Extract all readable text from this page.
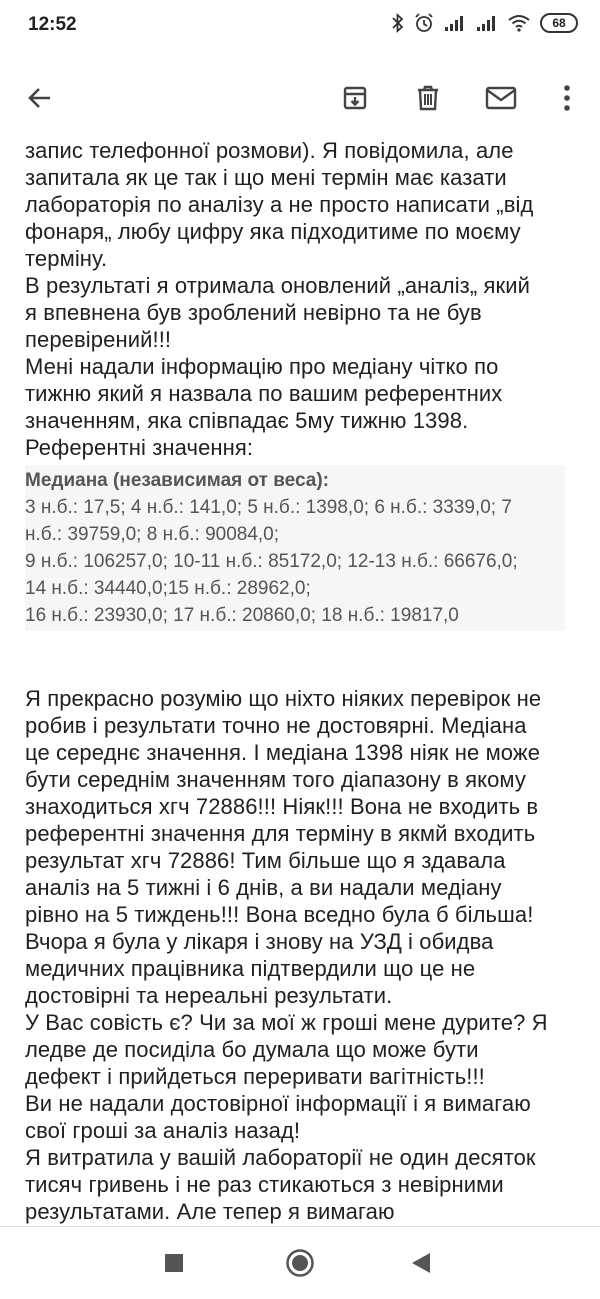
12:52	68
запис телефонної розмови). Я повідомила, але
запитала як це так і що мені термін має казати
лабораторія по аналізу а не просто написати „від
фонаря„ любу цифру яка підходитиме по моєму
терміну.
В результаті я отримала оновлений „аналіз„ який
я впевнена був зроблений невірно та не був
перевірений!!!
Мені надали інформацію про медіану чітко по
тижню який я назвала по вашим референтних
значенням, яка співпадає 5му тижню 1398.
Референтні значення:
Медиана (независимая от веса):
3 н.б.: 17,5; 4 н.б.: 141,0; 5 н.б.: 1398,0; 6 н.б.: 3339,0; 7
н.б.: 39759,0; 8 н.б.: 90084,0;
9 н.б.: 106257,0; 10-11 н.б.: 85172,0; 12-13 н.б.: 66676,0;
14 н.б.: 34440,0;15 н.б.: 28962,0;
16 н.б.: 23930,0; 17 н.б.: 20860,0; 18 н.б.: 19817,0
Я прекрасно розумію що ніхто ніяких перевірок не
робив і результати точно не достовярні. Медіана
це середнє значення. І медіана 1398 ніяк не може
бути середнім значенням того діапазону в якому
знаходиться хгч 72886!!! Ніяк!!! Вона не входить в
референтні значення для терміну в якмй входить
результат хгч 72886! Тим більше що я здавала
аналіз на 5 тижні і 6 днів, а ви надали медіану
рівно на 5 тиждень!!! Вона вседно була б більша!
Вчора я була у лікаря і знову на УЗД і обидва
медичних працівника підтвердили що це не
достовірні та нереальні результати.
У Вас совість є? Чи за мої ж гроші мене дурите? Я
ледве де посиділа бо думала що може бути
дефект і прийдеться переривати вагітність!!!
Ви не надали достовірної інформації і я вимагаю
свої гроші за аналіз назад!
Я витратила у вашій лабораторії не один десяток
тисяч гривень і не раз стикаються з невірними
результатами. Але тепер я вимагаю
